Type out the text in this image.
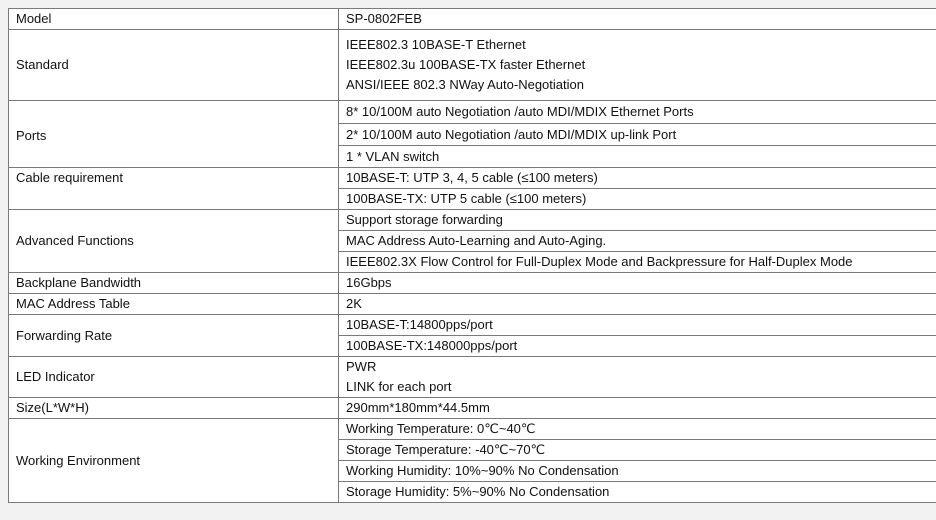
Model	SP-0802FEB
Standard	IEEE802.3 10BASE-T Ethernet
IEEE802.3u 100BASE-TX faster Ethernet
ANSI/IEEE 802.3 NWay Auto-Negotiation

Ports	8* 10/100M auto Negotiation /auto MDI/MDIX Ethernet Ports
	2* 10/100M auto Negotiation /auto MDI/MDIX up-link Port
	1 * VLAN switch
Cable requirement	10BASE-T: UTP 3, 4, 5 cable (≤100 meters)
	100BASE-TX: UTP 5 cable (≤100 meters)
Advanced Functions	Support storage forwarding
	MAC Address Auto-Learning and Auto-Aging.
	IEEE802.3X Flow Control for Full-Duplex Mode and Backpressure for Half-Duplex Mode
Backplane Bandwidth	16Gbps
MAC Address Table	2K
Forwarding Rate	10BASE-T:14800pps/port
	100BASE-TX:148000pps/port
LED Indicator	PWR
LINK for each port

Size(L*W*H)	290mm*180mm*44.5mm
Working Environment	Working Temperature: 0℃~40℃
	Storage Temperature: -40℃~70℃
	Working Humidity: 10%~90% No Condensation
	Storage Humidity: 5%~90% No Condensation
